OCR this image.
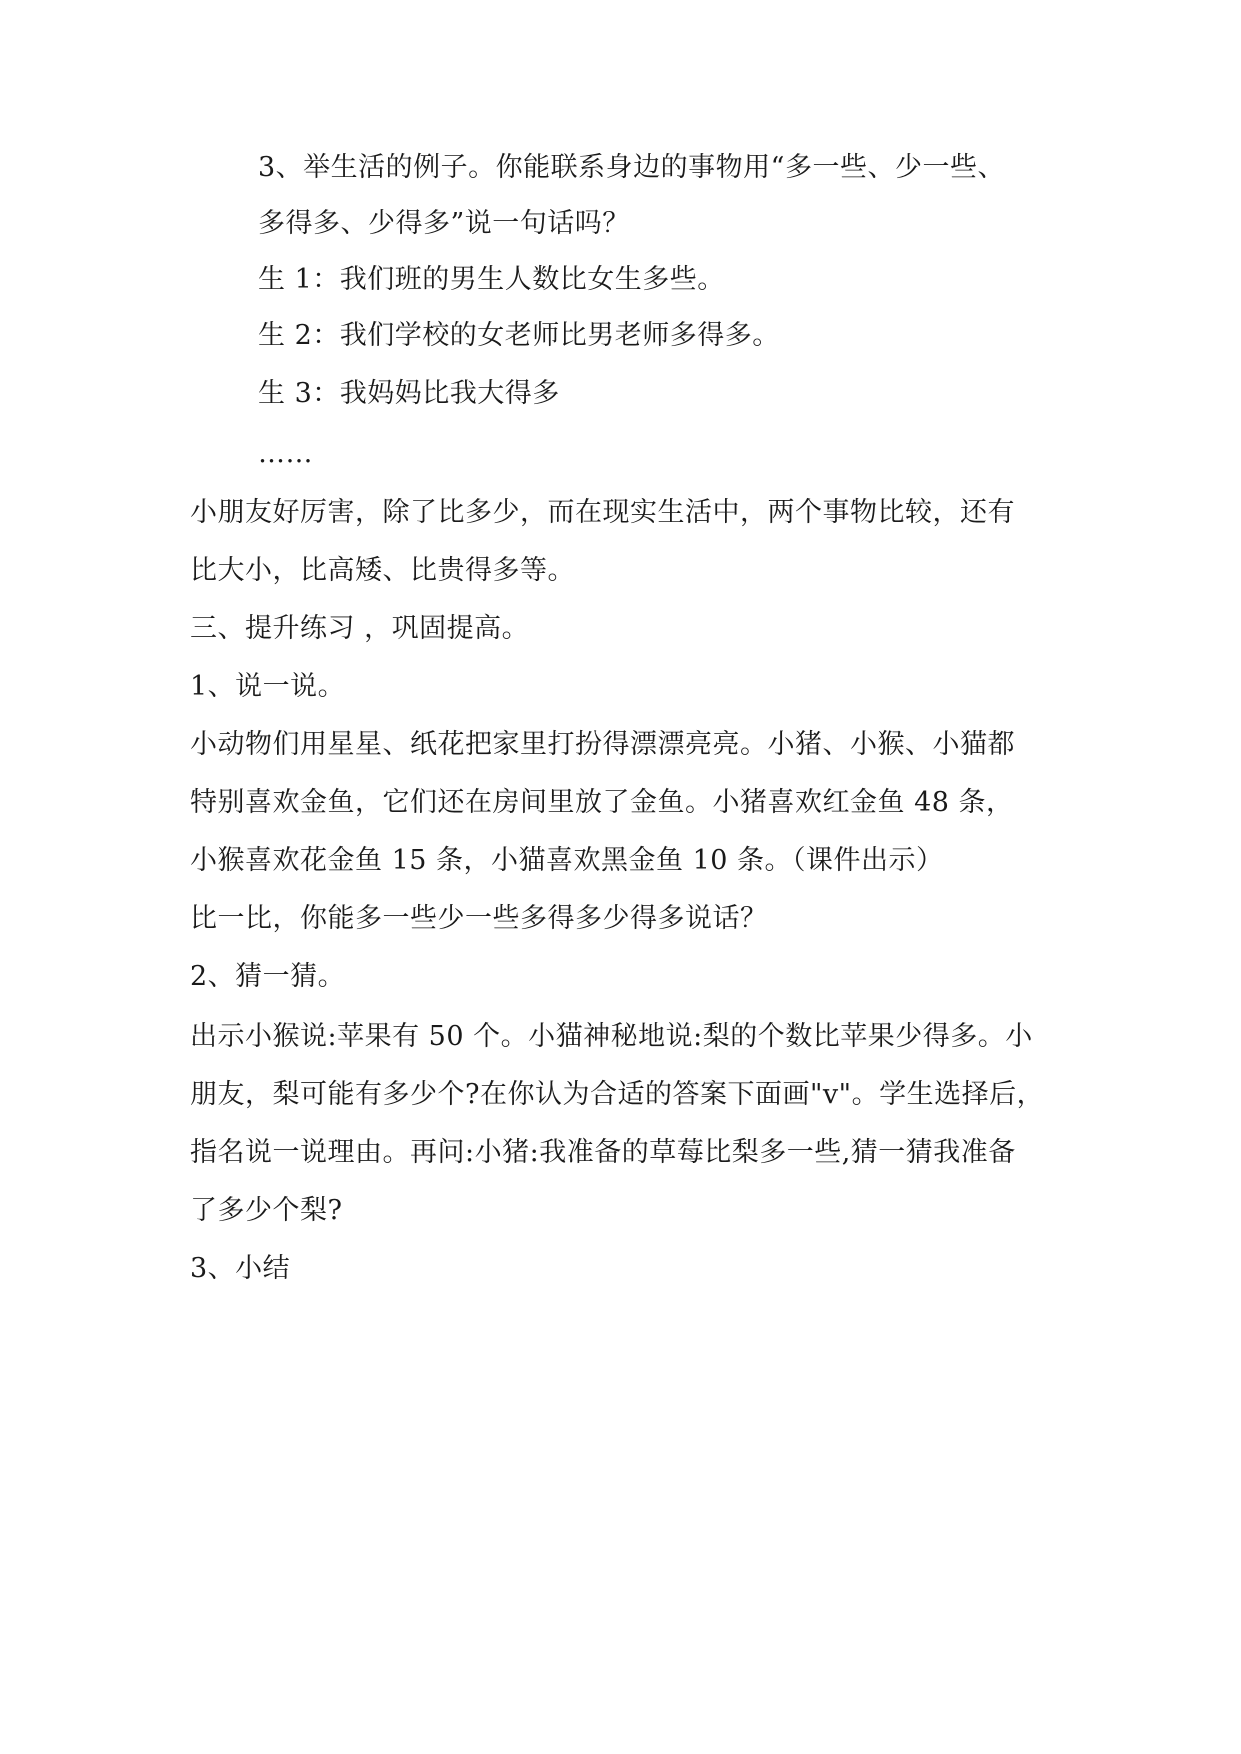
3、举生活的例子。你能联系身边的事物用“多一些、少一些、
多得多、少得多”说一句话吗？
生 1：我们班的男生人数比女生多些。
生 2：我们学校的女老师比男老师多得多。
生 3：我妈妈比我大得多
……
小朋友好厉害，除了比多少，而在现实生活中，两个事物比较，还有
比大小，比高矮、比贵得多等。
三、提升练习 ，巩固提高。
1、说一说。
小动物们用星星、纸花把家里打扮得漂漂亮亮。小猪、小猴、小猫都
特别喜欢金鱼，它们还在房间里放了金鱼。小猪喜欢红金鱼 48 条，
小猴喜欢花金鱼 15 条，小猫喜欢黑金鱼 10 条。（课件出示）
比一比，你能多一些少一些多得多少得多说话？
2、猜一猜。
出示小猴说:苹果有 50 个。小猫神秘地说:梨的个数比苹果少得多。小
朋友，梨可能有多少个?在你认为合适的答案下面画"v"。学生选择后，
指名说一说理由。再问:小猪:我准备的草莓比梨多一些,猜一猜我准备
了多少个梨?
3、小结
